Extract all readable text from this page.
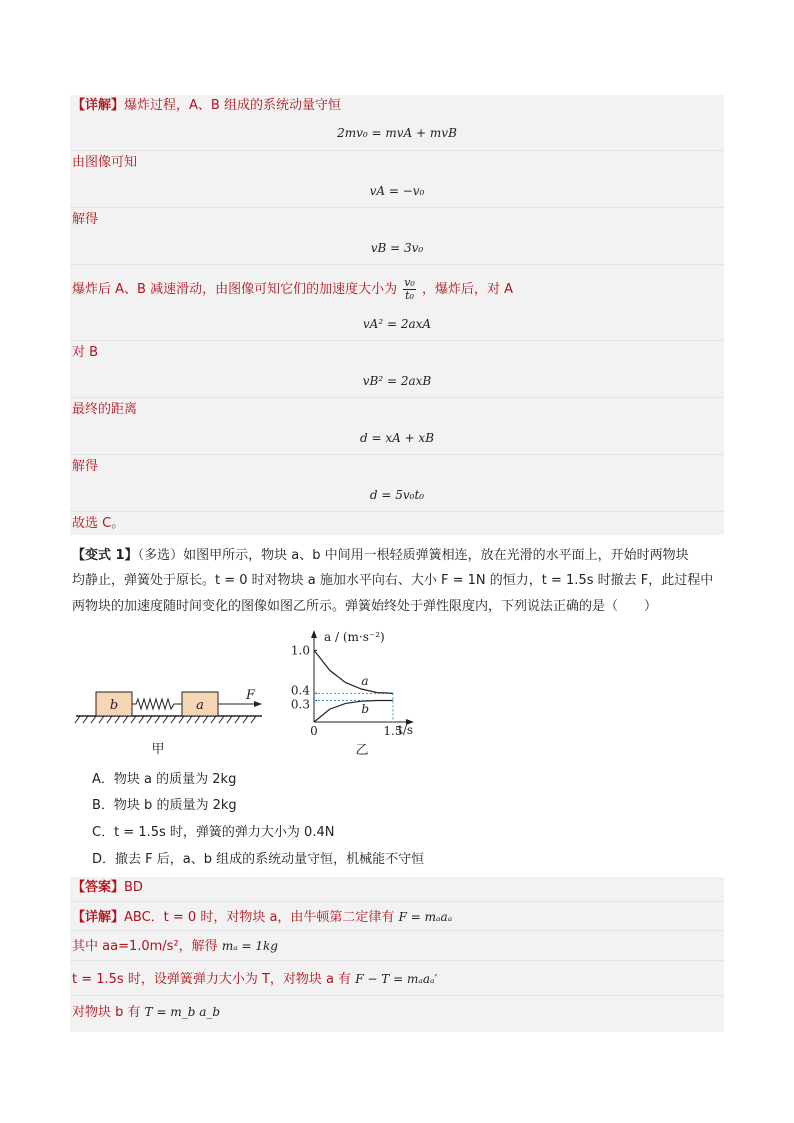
【详解】爆炸过程，A、B 组成的系统动量守恒
2mv₀ = mvA + mvB
由图像可知
vA = −v₀
解得
vB = 3v₀
爆炸后 A、B 减速滑动，由图像可知它们的加速度大小为 $\frac{\text{v₀}}{\text{t₀}}$ ，爆炸后，对 A
vA² = 2axA
对 B
vB² = 2axB
最终的距离
d = xA + xB
解得
d = 5v₀t₀
故选 C。
【变式 1】（多选）如图甲所示，物块 a、b 中间用一根轻质弹簧相连，放在光滑的水平面上，开始时两物块
均静止，弹簧处于原长。t = 0 时对物块 a 施加水平向右、大小 F = 1N 的恒力，t = 1.5s 时撤去 F，此过程中
两物块的加速度随时间变化的图像如图乙所示。弹簧始终处于弹性限度内，下列说法正确的是（　　）
b	a
F
甲
a / (m·s⁻²)
t/s
1.0
0.4
0.3
0	1.5
a
b
乙
A．物块 a 的质量为 2kg
B．物块 b 的质量为 2kg
C．t = 1.5s 时，弹簧的弹力大小为 0.4N
D．撤去 F 后，a、b 组成的系统动量守恒，机械能不守恒
【答案】BD
【详解】ABC．t = 0 时，对物块 a，由牛顿第二定律有 F = mₐaₐ
其中 aa=1.0m/s²，解得 mₐ = 1kg
t = 1.5s 时，设弹簧弹力大小为 T，对物块 a 有 F − T = mₐaₐ′
对物块 b 有 T = m_b a_b
